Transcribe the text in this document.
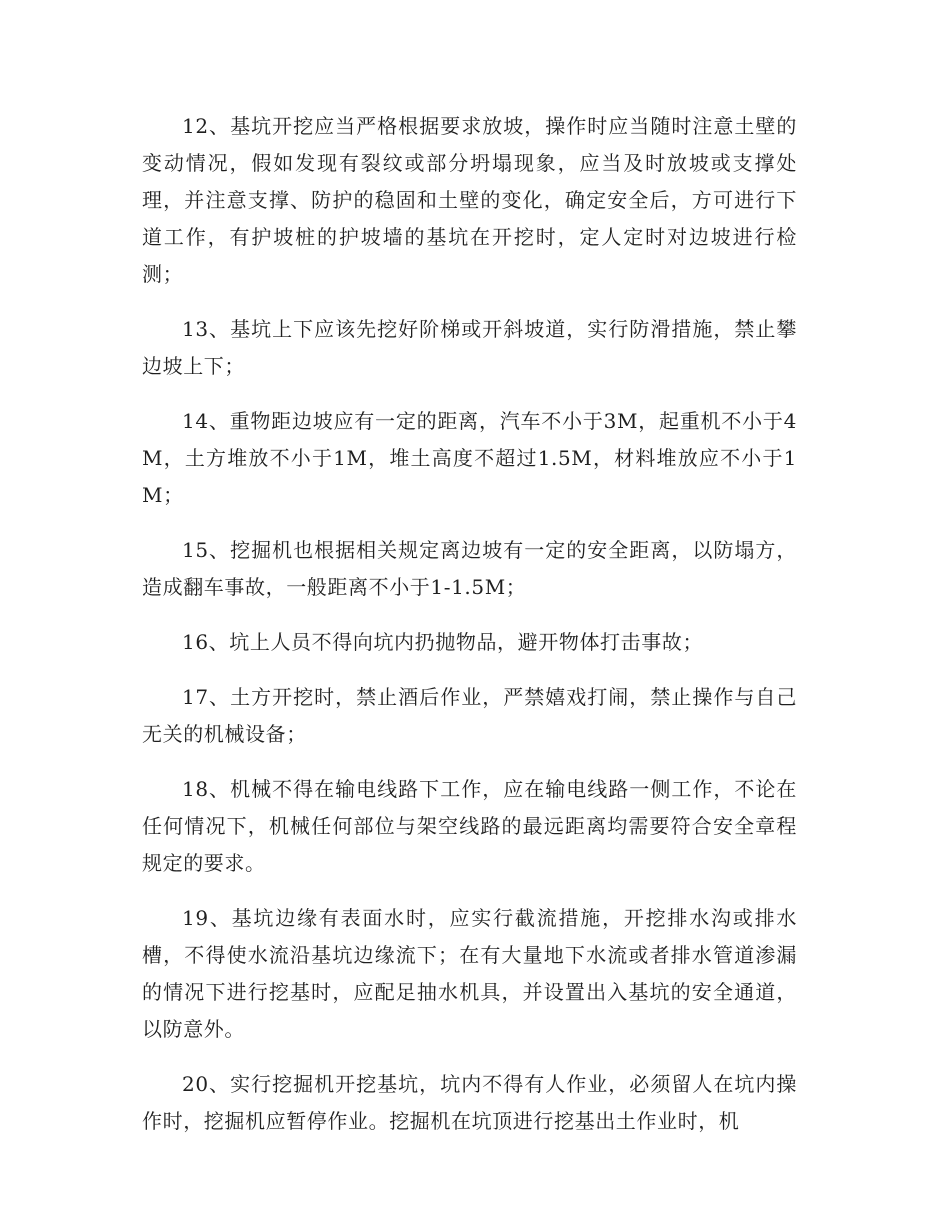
12、基坑开挖应当严格根据要求放坡，操作时应当随时注意土壁的变动情况，假如发现有裂纹或部分坍塌现象，应当及时放坡或支撑处理，并注意支撑、防护的稳固和土壁的变化，确定安全后，方可进行下道工作，有护坡桩的护坡墙的基坑在开挖时，定人定时对边坡进行检测；

13、基坑上下应该先挖好阶梯或开斜坡道，实行防滑措施，禁止攀边坡上下；

14、重物距边坡应有一定的距离，汽车不小于3M，起重机不小于4M，土方堆放不小于1M，堆土高度不超过1.5M，材料堆放应不小于1M；

15、挖掘机也根据相关规定离边坡有一定的安全距离，以防塌方，造成翻车事故，一般距离不小于1-1.5M；

16、坑上人员不得向坑内扔抛物品，避开物体打击事故；

17、土方开挖时，禁止酒后作业，严禁嬉戏打闹，禁止操作与自己无关的机械设备；

18、机械不得在输电线路下工作，应在输电线路一侧工作，不论在任何情况下，机械任何部位与架空线路的最远距离均需要符合安全章程规定的要求。

19、基坑边缘有表面水时，应实行截流措施，开挖排水沟或排水槽，不得使水流沿基坑边缘流下；在有大量地下水流或者排水管道渗漏的情况下进行挖基时，应配足抽水机具，并设置出入基坑的安全通道，以防意外。

20、实行挖掘机开挖基坑，坑内不得有人作业，必须留人在坑内操作时，挖掘机应暂停作业。挖掘机在坑顶进行挖基出土作业时，机
